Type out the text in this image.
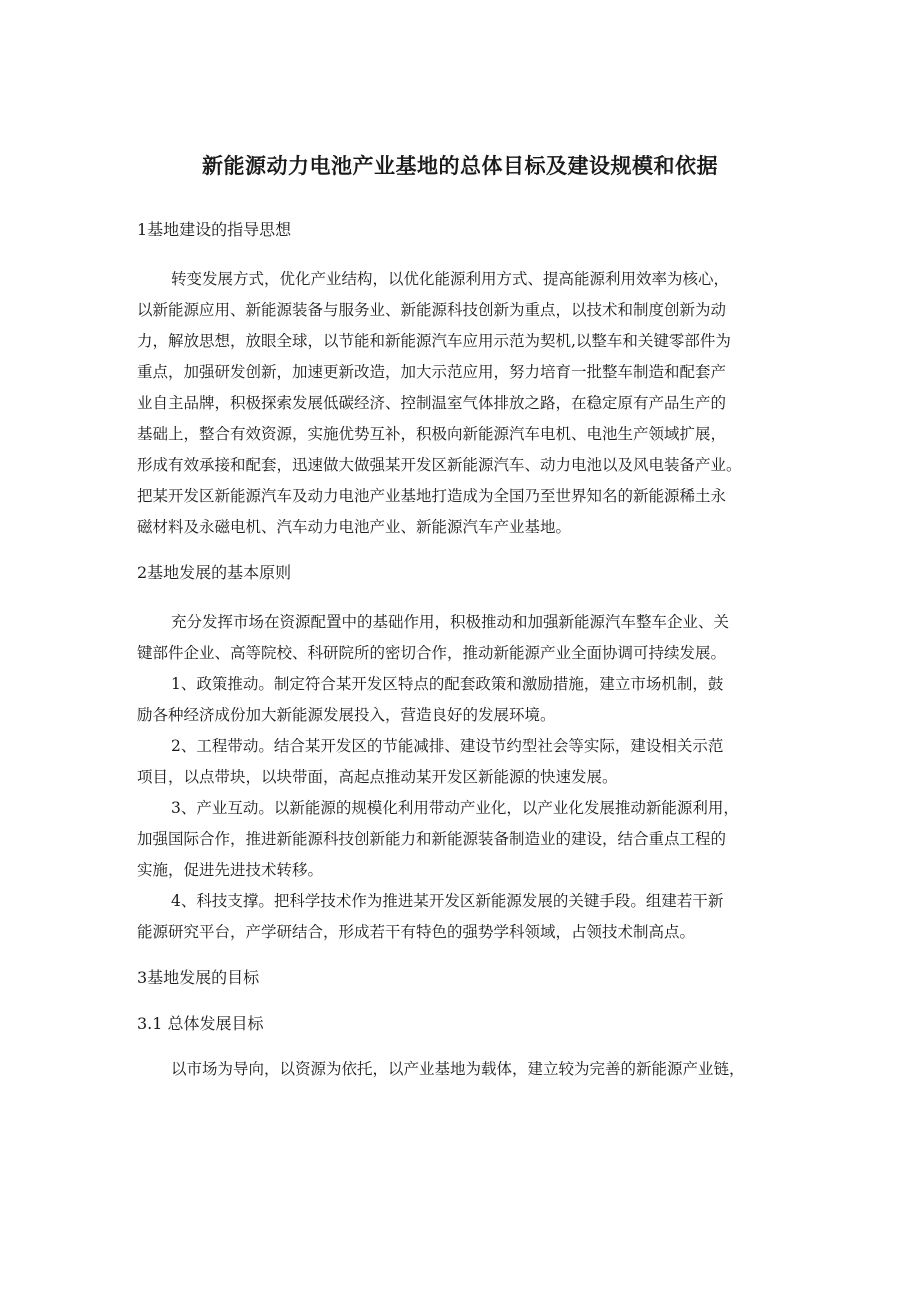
新能源动力电池产业基地的总体目标及建设规模和依据
1基地建设的指导思想
转变发展方式，优化产业结构，以优化能源利用方式、提高能源利用效率为核心，
以新能源应用、新能源装备与服务业、新能源科技创新为重点，以技术和制度创新为动
力，解放思想，放眼全球，以节能和新能源汽车应用示范为契机,以整车和关键零部件为
重点，加强研发创新，加速更新改造，加大示范应用，努力培育一批整车制造和配套产
业自主品牌，积极探索发展低碳经济、控制温室气体排放之路，在稳定原有产品生产的
基础上，整合有效资源，实施优势互补，积极向新能源汽车电机、电池生产领域扩展，
形成有效承接和配套，迅速做大做强某开发区新能源汽车、动力电池以及风电装备产业。
把某开发区新能源汽车及动力电池产业基地打造成为全国乃至世界知名的新能源稀土永
磁材料及永磁电机、汽车动力电池产业、新能源汽车产业基地。
2基地发展的基本原则
充分发挥市场在资源配置中的基础作用，积极推动和加强新能源汽车整车企业、关
键部件企业、高等院校、科研院所的密切合作，推动新能源产业全面协调可持续发展。
1、政策推动。制定符合某开发区特点的配套政策和激励措施，建立市场机制，鼓
励各种经济成份加大新能源发展投入，营造良好的发展环境。
2、工程带动。结合某开发区的节能减排、建设节约型社会等实际，建设相关示范
项目，以点带块，以块带面，高起点推动某开发区新能源的快速发展。
3、产业互动。以新能源的规模化利用带动产业化，以产业化发展推动新能源利用，
加强国际合作，推进新能源科技创新能力和新能源装备制造业的建设，结合重点工程的
实施，促进先进技术转移。
4、科技支撑。把科学技术作为推进某开发区新能源发展的关键手段。组建若干新
能源研究平台，产学研结合，形成若干有特色的强势学科领域，占领技术制高点。
3基地发展的目标
3.1 总体发展目标
以市场为导向，以资源为依托，以产业基地为载体，建立较为完善的新能源产业链，
